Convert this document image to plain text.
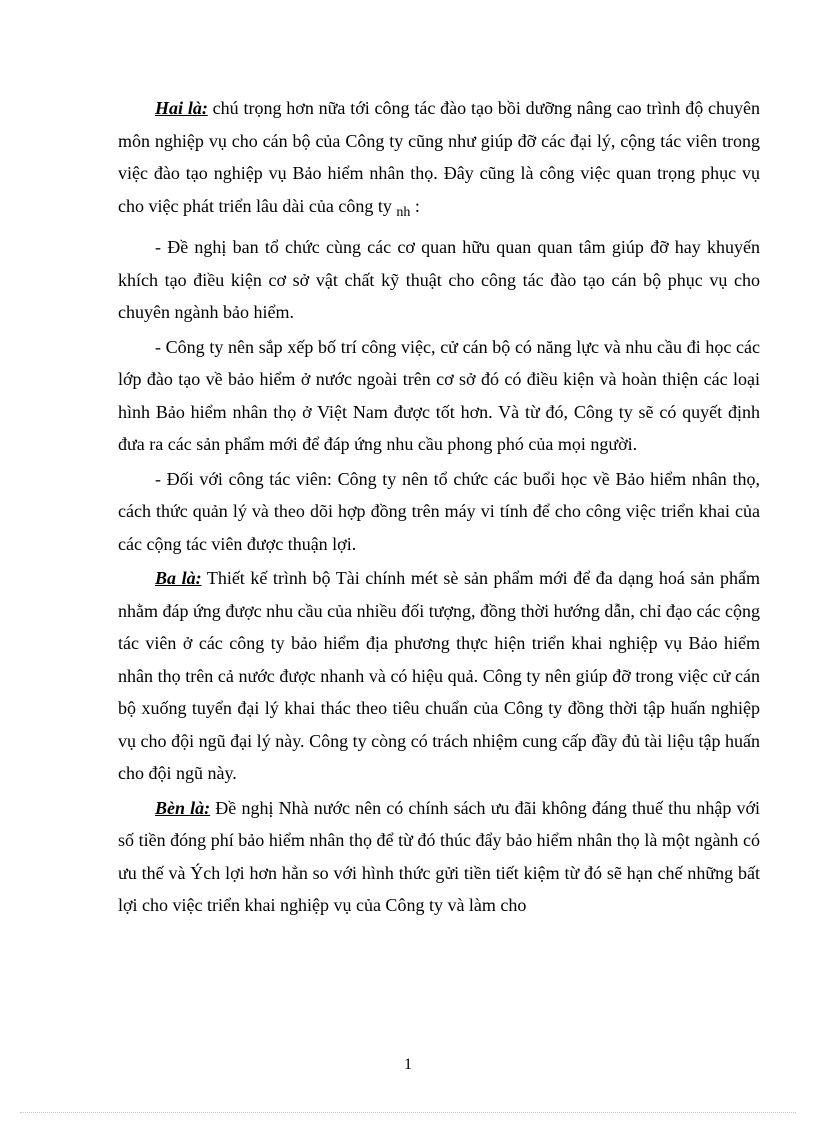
Hai là: chú trọng hơn nữa tới công tác đào tạo bồi dưỡng nâng cao trình độ chuyên môn nghiệp vụ cho cán bộ của Công ty cũng như giúp đỡ các đại lý, cộng tác viên trong việc đào tạo nghiệp vụ Bảo hiểm nhân thọ. Đây cũng là công việc quan trọng phục vụ cho việc phát triển lâu dài của công ty $_{nh}$ :

- Đề nghị ban tổ chức cùng các cơ quan hữu quan quan tâm giúp đỡ hay khuyến khích tạo điều kiện cơ sở vật chất kỹ thuật cho công tác đào tạo cán bộ phục vụ cho chuyên ngành bảo hiểm.

- Công ty nên sắp xếp bố trí công việc, cử cán bộ có năng lực và nhu cầu đi học các lớp đào tạo về bảo hiểm ở nước ngoài trên cơ sở đó có điều kiện và hoàn thiện các loại hình Bảo hiểm nhân thọ ở Việt Nam được tốt hơn. Và từ đó, Công ty sẽ có quyết định đưa ra các sản phẩm mới để đáp ứng nhu cầu phong phó của mọi người.

- Đối với công tác viên: Công ty nên tổ chức các buổi học về Bảo hiểm nhân thọ, cách thức quản lý và theo dõi hợp đồng trên máy vi tính để cho công việc triển khai của các cộng tác viên được thuận lợi.

Ba là: Thiết kế trình bộ Tài chính mét sè sản phẩm mới để đa dạng hoá sản phẩm nhằm đáp ứng được nhu cầu của nhiều đối tượng, đồng thời hướng dẫn, chỉ đạo các cộng tác viên ở các công ty bảo hiểm địa phương thực hiện triển khai nghiệp vụ Bảo hiểm nhân thọ trên cả nước được nhanh và có hiệu quả. Công ty nên giúp đỡ trong việc cử cán bộ xuống tuyển đại lý khai thác theo tiêu chuẩn của Công ty đồng thời tập huấn nghiệp vụ cho đội ngũ đại lý này. Công ty còng có trách nhiệm cung cấp đầy đủ tài liệu tập huấn cho đội ngũ này.

Bèn là: Đề nghị Nhà nước nên có chính sách ưu đãi không đáng thuế thu nhập với số tiền đóng phí bảo hiểm nhân thọ để từ đó thúc đẩy bảo hiểm nhân thọ là một ngành có ưu thế và Ých lợi hơn hẳn so với hình thức gửi tiền tiết kiệm từ đó sẽ hạn chế những bất lợi cho việc triển khai nghiệp vụ của Công ty và làm cho

1
